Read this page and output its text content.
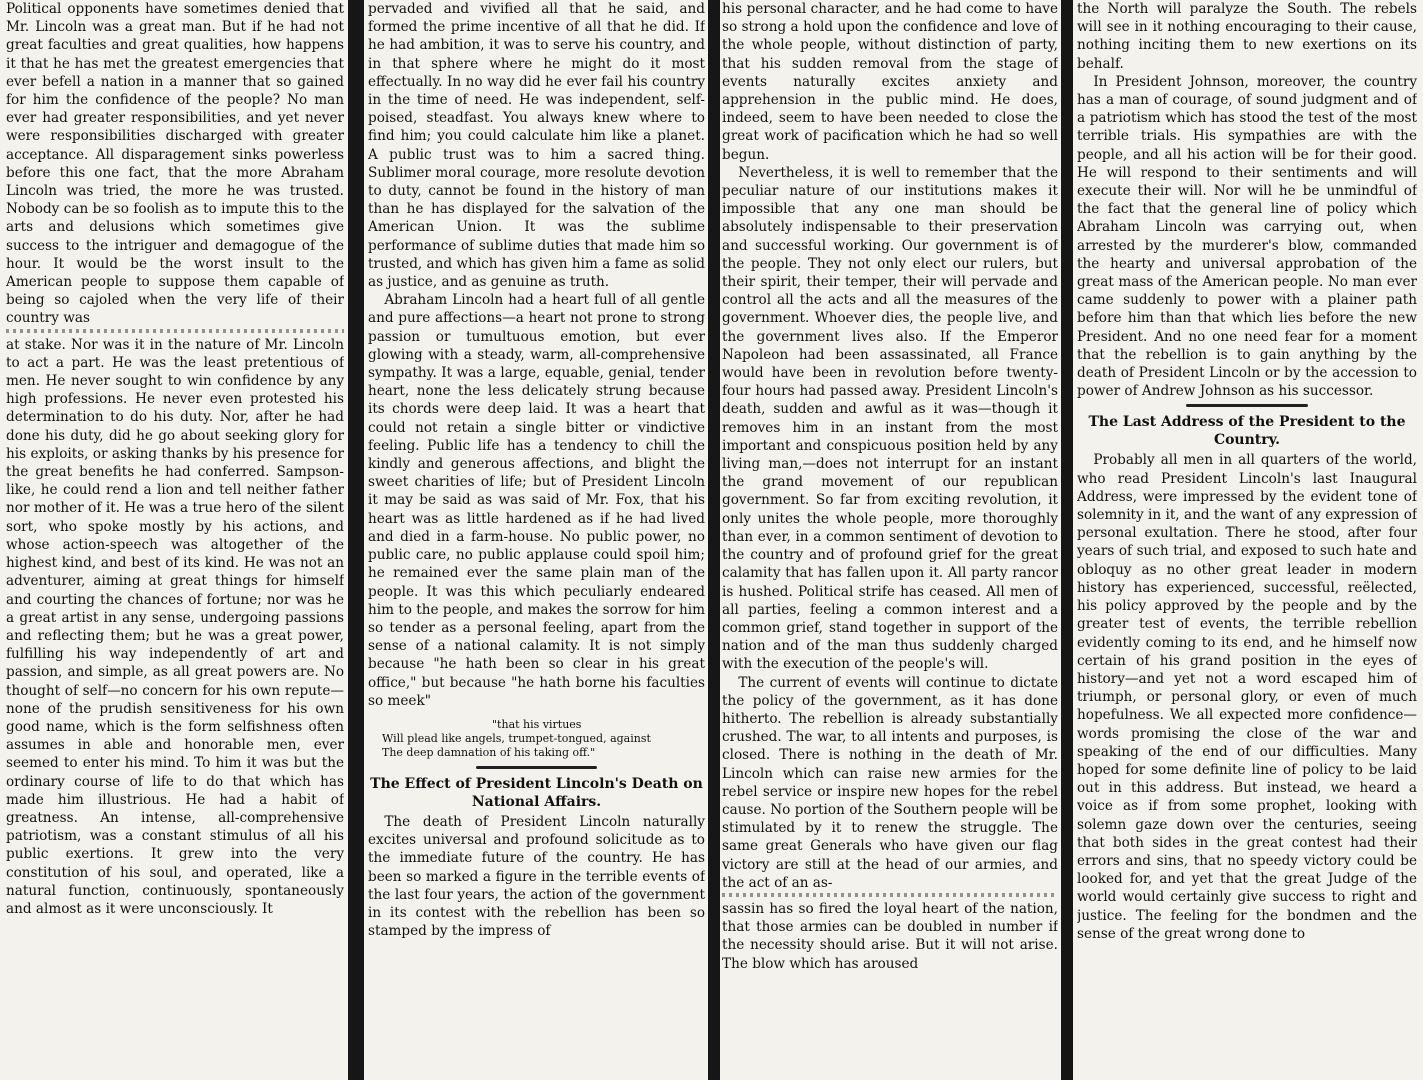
Political opponents have sometimes denied that Mr. Lincoln was a great man. But if he had not great faculties and great qualities, how happens it that he has met the greatest emergencies that ever befell a nation in a manner that so gained for him the confidence of the people? No man ever had greater responsibilities, and yet never were responsibilities discharged with greater acceptance. All disparagement sinks powerless before this one fact, that the more Abraham Lincoln was tried, the more he was trusted. Nobody can be so foolish as to impute this to the arts and delusions which sometimes give success to the intriguer and demagogue of the hour. It would be the worst insult to the American people to suppose them capable of being so cajoled when the very life of their country was

at stake. Nor was it in the nature of Mr. Lincoln to act a part. He was the least pretentious of men. He never sought to win confidence by any high professions. He never even protested his determination to do his duty. Nor, after he had done his duty, did he go about seeking glory for his exploits, or asking thanks by his presence for the great benefits he had conferred. Sampson-like, he could rend a lion and tell neither father nor mother of it. He was a true hero of the silent sort, who spoke mostly by his actions, and whose action-speech was altogether of the highest kind, and best of its kind. He was not an adventurer, aiming at great things for himself and courting the chances of fortune; nor was he a great artist in any sense, undergoing passions and reflecting them; but he was a great power, fulfilling his way independently of art and passion, and simple, as all great powers are. No thought of self—no concern for his own repute—none of the prudish sensitiveness for his own good name, which is the form selfishness often assumes in able and honorable men, ever seemed to enter his mind. To him it was but the ordinary course of life to do that which has made him illustrious. He had a habit of greatness. An intense, all-comprehensive patriotism, was a constant stimulus of all his public exertions. It grew into the very constitution of his soul, and operated, like a natural function, continuously, spontaneously and almost as it were unconsciously. It

pervaded and vivified all that he said, and formed the prime incentive of all that he did. If he had ambition, it was to serve his country, and in that sphere where he might do it most effectually. In no way did he ever fail his country in the time of need. He was independent, self-poised, steadfast. You always knew where to find him; you could calculate him like a planet. A public trust was to him a sacred thing. Sublimer moral courage, more resolute devotion to duty, cannot be found in the history of man than he has displayed for the salvation of the American Union. It was the sublime performance of sublime duties that made him so trusted, and which has given him a fame as solid as justice, and as genuine as truth.

Abraham Lincoln had a heart full of all gentle and pure affections—a heart not prone to strong passion or tumultuous emotion, but ever glowing with a steady, warm, all-comprehensive sympathy. It was a large, equable, genial, tender heart, none the less delicately strung because its chords were deep laid. It was a heart that could not retain a single bitter or vindictive feeling. Public life has a tendency to chill the kindly and generous affections, and blight the sweet charities of life; but of President Lincoln it may be said as was said of Mr. Fox, that his heart was as little hardened as if he had lived and died in a farm-house. No public power, no public care, no public applause could spoil him; he remained ever the same plain man of the people. It was this which peculiarly endeared him to the people, and makes the sorrow for him so tender as a personal feeling, apart from the sense of a national calamity. It is not simply because "he hath been so clear in his great office," but because "he hath borne his faculties so meek"

"that his virtues
Will plead like angels, trumpet-tongued, against
The deep damnation of his taking off."

The Effect of President Lincoln's Death on National Affairs.

The death of President Lincoln naturally excites universal and profound solicitude as to the immediate future of the country. He has been so marked a figure in the terrible events of the last four years, the action of the government in its contest with the rebellion has been so stamped by the impress of

his personal character, and he had come to have so strong a hold upon the confidence and love of the whole people, without distinction of party, that his sudden removal from the stage of events naturally excites anxiety and apprehension in the public mind. He does, indeed, seem to have been needed to close the great work of pacification which he had so well begun.

Nevertheless, it is well to remember that the peculiar nature of our institutions makes it impossible that any one man should be absolutely indispensable to their preservation and successful working. Our government is of the people. They not only elect our rulers, but their spirit, their temper, their will pervade and control all the acts and all the measures of the government. Whoever dies, the people live, and the government lives also. If the Emperor Napoleon had been assassinated, all France would have been in revolution before twenty-four hours had passed away. President Lincoln's death, sudden and awful as it was—though it removes him in an instant from the most important and conspicuous position held by any living man,—does not interrupt for an instant the grand movement of our republican government. So far from exciting revolution, it only unites the whole people, more thoroughly than ever, in a common sentiment of devotion to the country and of profound grief for the great calamity that has fallen upon it. All party rancor is hushed. Political strife has ceased. All men of all parties, feeling a common interest and a common grief, stand together in support of the nation and of the man thus suddenly charged with the execution of the people's will.

The current of events will continue to dictate the policy of the government, as it has done hitherto. The rebellion is already substantially crushed. The war, to all intents and purposes, is closed. There is nothing in the death of Mr. Lincoln which can raise new armies for the rebel service or inspire new hopes for the rebel cause. No portion of the Southern people will be stimulated by it to renew the struggle. The same great Generals who have given our flag victory are still at the head of our armies, and the act of an as-

sassin has so fired the loyal heart of the nation, that those armies can be doubled in number if the necessity should arise. But it will not arise. The blow which has aroused

the North will paralyze the South. The rebels will see in it nothing encouraging to their cause, nothing inciting them to new exertions on its behalf.

In President Johnson, moreover, the country has a man of courage, of sound judgment and of a patriotism which has stood the test of the most terrible trials. His sympathies are with the people, and all his action will be for their good. He will respond to their sentiments and will execute their will. Nor will he be unmindful of the fact that the general line of policy which Abraham Lincoln was carrying out, when arrested by the murderer's blow, commanded the hearty and universal approbation of the great mass of the American people. No man ever came suddenly to power with a plainer path before him than that which lies before the new President. And no one need fear for a moment that the rebellion is to gain anything by the death of President Lincoln or by the accession to power of Andrew Johnson as his successor.

The Last Address of the President to the Country.

Probably all men in all quarters of the world, who read President Lincoln's last Inaugural Address, were impressed by the evident tone of solemnity in it, and the want of any expression of personal exultation. There he stood, after four years of such trial, and exposed to such hate and obloquy as no other great leader in modern history has experienced, successful, reëlected, his policy approved by the people and by the greater test of events, the terrible rebellion evidently coming to its end, and he himself now certain of his grand position in the eyes of history—and yet not a word escaped him of triumph, or personal glory, or even of much hopefulness. We all expected more confidence—words promising the close of the war and speaking of the end of our difficulties. Many hoped for some definite line of policy to be laid out in this address. But instead, we heard a voice as if from some prophet, looking with solemn gaze down over the centuries, seeing that both sides in the great contest had their errors and sins, that no speedy victory could be looked for, and yet that the great Judge of the world would certainly give success to right and justice. The feeling for the bondmen and the sense of the great wrong done to
